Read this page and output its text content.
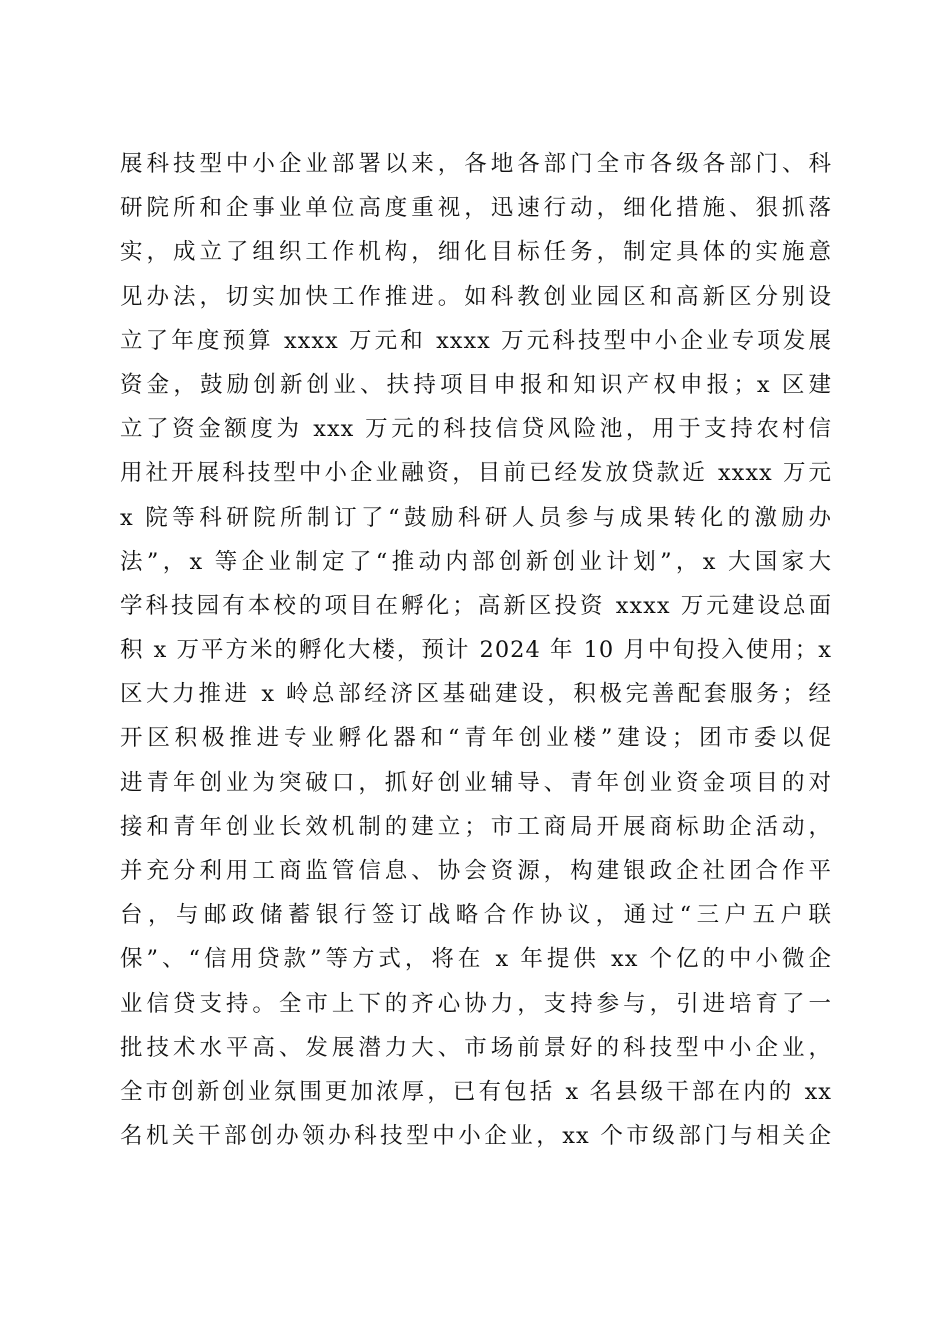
展科技型中小企业部署以来，各地各部门全市各级各部门、科
研院所和企事业单位高度重视，迅速行动，细化措施、狠抓落
实，成立了组织工作机构，细化目标任务，制定具体的实施意
见办法，切实加快工作推进。如科教创业园区和高新区分别设
立了年度预算 xxxx 万元和 xxxx 万元科技型中小企业专项发展
资金，鼓励创新创业、扶持项目申报和知识产权申报；x 区建
立了资金额度为 xxx 万元的科技信贷风险池，用于支持农村信
用社开展科技型中小企业融资，目前已经发放贷款近 xxxx 万元
x 院等科研院所制订了“鼓励科研人员参与成果转化的激励办
法”，x 等企业制定了“推动内部创新创业计划”，x 大国家大
学科技园有本校的项目在孵化；高新区投资 xxxx 万元建设总面
积 x 万平方米的孵化大楼，预计 2024 年 10 月中旬投入使用；x
区大力推进 x 岭总部经济区基础建设，积极完善配套服务；经
开区积极推进专业孵化器和“青年创业楼”建设；团市委以促
进青年创业为突破口，抓好创业辅导、青年创业资金项目的对
接和青年创业长效机制的建立；市工商局开展商标助企活动，
并充分利用工商监管信息、协会资源，构建银政企社团合作平
台，与邮政储蓄银行签订战略合作协议，通过“三户五户联
保”、“信用贷款”等方式，将在 x 年提供 xx 个亿的中小微企
业信贷支持。全市上下的齐心协力，支持参与，引进培育了一
批技术水平高、发展潜力大、市场前景好的科技型中小企业，
全市创新创业氛围更加浓厚，已有包括 x 名县级干部在内的 xx
名机关干部创办领办科技型中小企业，xx 个市级部门与相关企
